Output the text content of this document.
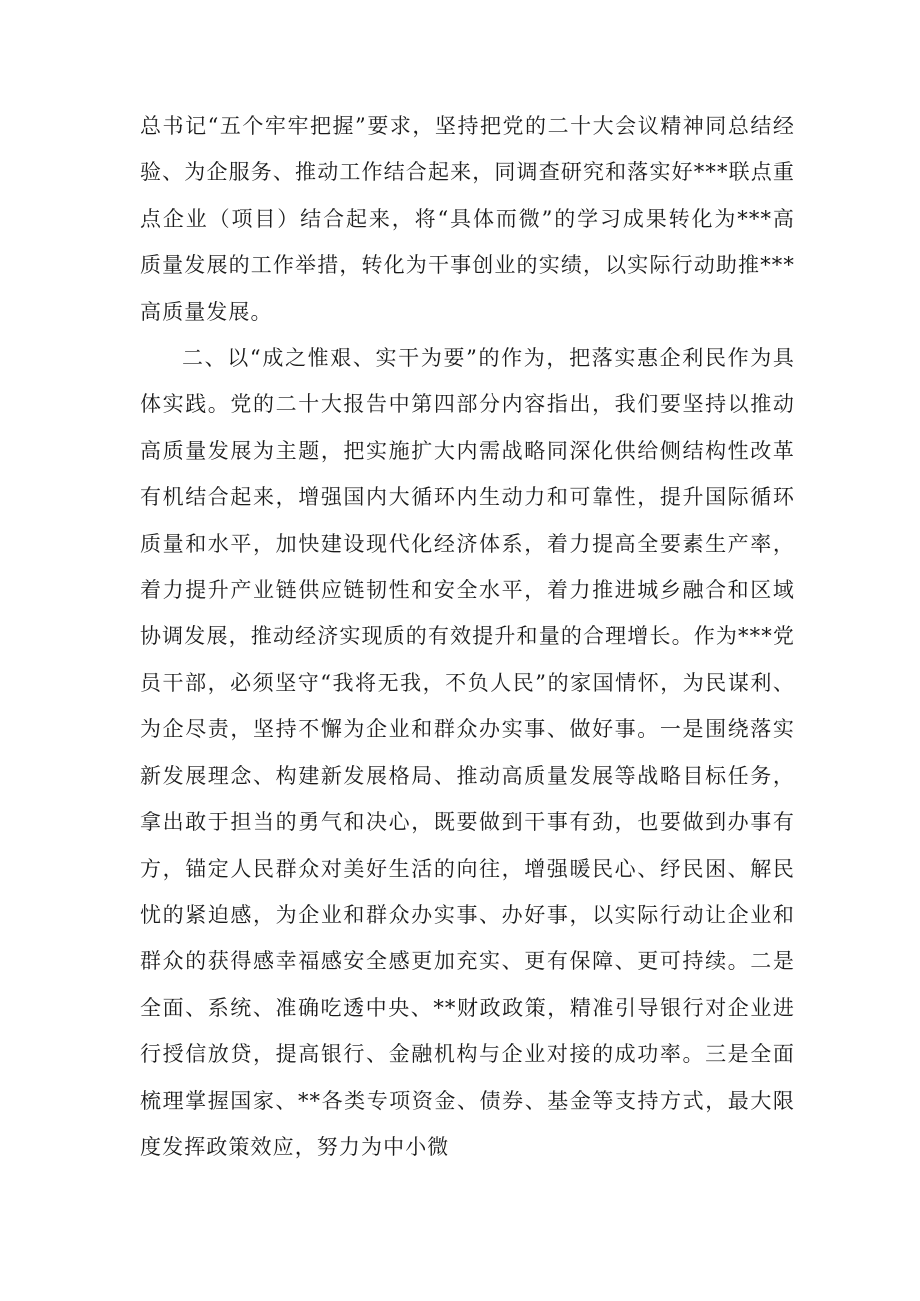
总书记“五个牢牢把握”要求，坚持把党的二十大会议精神同总结经验、为企服务、推动工作结合起来，同调查研究和落实好***联点重点企业（项目）结合起来，将“具体而微”的学习成果转化为***高质量发展的工作举措，转化为干事创业的实绩，以实际行动助推***高质量发展。

二、以“成之惟艰、实干为要”的作为，把落实惠企利民作为具体实践。党的二十大报告中第四部分内容指出，我们要坚持以推动高质量发展为主题，把实施扩大内需战略同深化供给侧结构性改革有机结合起来，增强国内大循环内生动力和可靠性，提升国际循环质量和水平，加快建设现代化经济体系，着力提高全要素生产率，着力提升产业链供应链韧性和安全水平，着力推进城乡融合和区域协调发展，推动经济实现质的有效提升和量的合理增长。作为***党员干部，必须坚守“我将无我，不负人民”的家国情怀，为民谋利、为企尽责，坚持不懈为企业和群众办实事、做好事。一是围绕落实新发展理念、构建新发展格局、推动高质量发展等战略目标任务，拿出敢于担当的勇气和决心，既要做到干事有劲，也要做到办事有方，锚定人民群众对美好生活的向往，增强暖民心、纾民困、解民忧的紧迫感，为企业和群众办实事、办好事，以实际行动让企业和群众的获得感幸福感安全感更加充实、更有保障、更可持续。二是全面、系统、准确吃透中央、**财政政策，精准引导银行对企业进行授信放贷，提高银行、金融机构与企业对接的成功率。三是全面梳理掌握国家、**各类专项资金、债券、基金等支持方式，最大限度发挥政策效应，努力为中小微
